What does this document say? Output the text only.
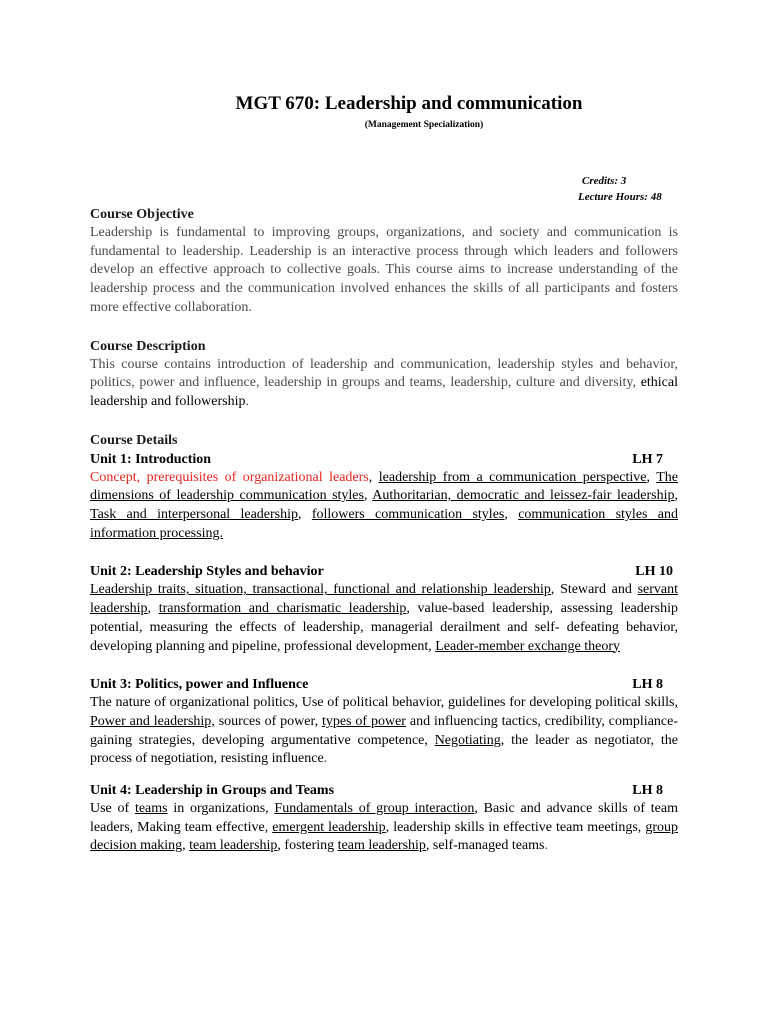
MGT 670: Leadership and communication
(Management Specialization)
Credits: 3
Lecture Hours: 48
Course Objective

Leadership is fundamental to improving groups, organizations, and society and communication is fundamental to leadership. Leadership is an interactive process through which leaders and followers develop an effective approach to collective goals. This course aims to increase understanding of the leadership process and the communication involved enhances the skills of all participants and fosters more effective collaboration.

Course Description

This course contains introduction of leadership and communication, leadership styles and behavior, politics, power and influence, leadership in groups and teams, leadership, culture and diversity, ethical leadership and followership.

Course Details
Unit 1: Introduction	LH 7

Concept, prerequisites of organizational leaders, leadership from a communication perspective, The dimensions of leadership communication styles, Authoritarian, democratic and leissez-fair leadership, Task and interpersonal leadership, followers communication styles, communication styles and information processing.

Unit 2: Leadership Styles and behavior	LH 10

Leadership traits, situation, transactional, functional and relationship leadership, Steward and servant leadership, transformation and charismatic leadership, value-based leadership, assessing leadership potential, measuring the effects of leadership, managerial derailment and self- defeating behavior, developing planning and pipeline, professional development, Leader-member exchange theory

Unit 3: Politics, power and Influence	LH 8

The nature of organizational politics, Use of political behavior, guidelines for developing political skills, Power and leadership, sources of power, types of power and influencing tactics, credibility, compliance-gaining strategies, developing argumentative competence, Negotiating, the leader as negotiator, the process of negotiation, resisting influence.

Unit 4: Leadership in Groups and Teams	LH 8

Use of teams in organizations, Fundamentals of group interaction, Basic and advance skills of team leaders, Making team effective, emergent leadership, leadership skills in effective team meetings, group decision making, team leadership, fostering team leadership, self-managed teams.
